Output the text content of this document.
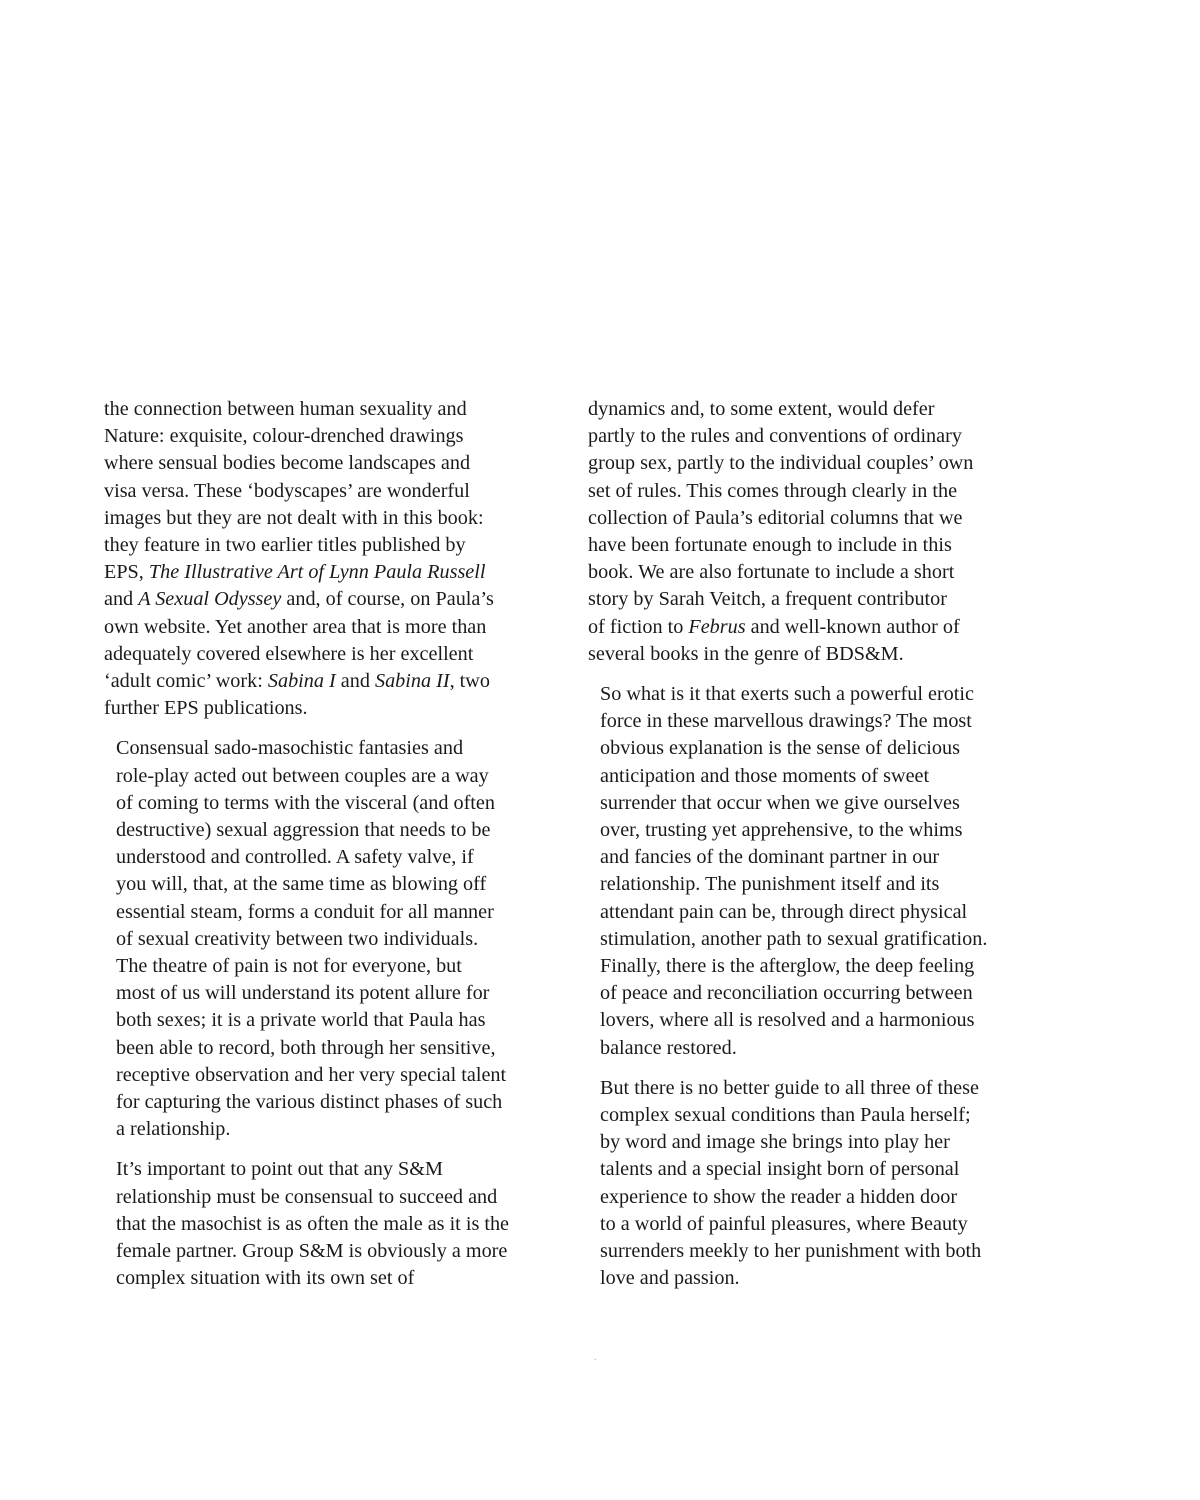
the connection between human sexuality and
Nature: exquisite, colour-drenched drawings
where sensual bodies become landscapes and
visa versa. These ‘bodyscapes’ are wonderful
images but they are not dealt with in this book:
they feature in two earlier titles published by
EPS, The Illustrative Art of Lynn Paula Russell
and A Sexual Odyssey and, of course, on Paula’s
own website. Yet another area that is more than
adequately covered elsewhere is her excellent
‘adult comic’ work: Sabina I and Sabina II, two
further EPS publications.

Consensual sado-masochistic fantasies and
role-play acted out between couples are a way
of coming to terms with the visceral (and often
destructive) sexual aggression that needs to be
understood and controlled. A safety valve, if
you will, that, at the same time as blowing off
essential steam, forms a conduit for all manner
of sexual creativity between two individuals.
The theatre of pain is not for everyone, but
most of us will understand its potent allure for
both sexes; it is a private world that Paula has
been able to record, both through her sensitive,
receptive observation and her very special talent
for capturing the various distinct phases of such
a relationship.

It’s important to point out that any S&M
relationship must be consensual to succeed and
that the masochist is as often the male as it is the
female partner. Group S&M is obviously a more
complex situation with its own set of

dynamics and, to some extent, would defer
partly to the rules and conventions of ordinary
group sex, partly to the individual couples’ own
set of rules. This comes through clearly in the
collection of Paula’s editorial columns that we
have been fortunate enough to include in this
book. We are also fortunate to include a short
story by Sarah Veitch, a frequent contributor
of fiction to Februs and well-known author of
several books in the genre of BDS&M.

So what is it that exerts such a powerful erotic
force in these marvellous drawings? The most
obvious explanation is the sense of delicious
anticipation and those moments of sweet
surrender that occur when we give ourselves
over, trusting yet apprehensive, to the whims
and fancies of the dominant partner in our
relationship. The punishment itself and its
attendant pain can be, through direct physical
stimulation, another path to sexual gratification.
Finally, there is the afterglow, the deep feeling
of peace and reconciliation occurring between
lovers, where all is resolved and a harmonious
balance restored.

But there is no better guide to all three of these
complex sexual conditions than Paula herself;
by word and image she brings into play her
talents and a special insight born of personal
experience to show the reader a hidden door
to a world of painful pleasures, where Beauty
surrenders meekly to her punishment with both
love and passion.

.
